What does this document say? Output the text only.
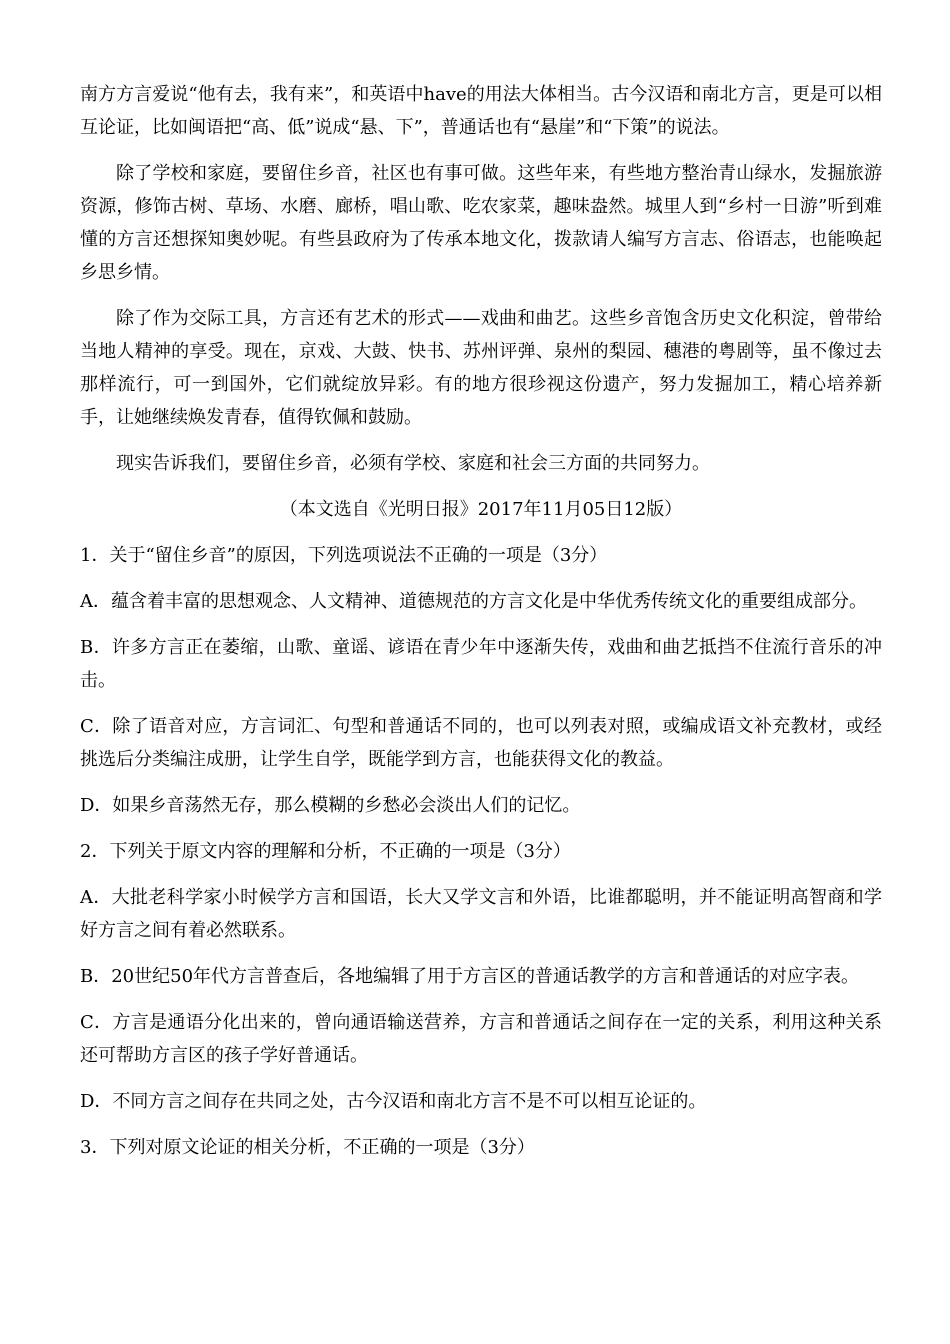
南方方言爱说“他有去，我有来”，和英语中have的用法大体相当。古今汉语和南北方言，更是可以相互论证，比如闽语把“高、低”说成“悬、下”，普通话也有“悬崖”和“下策”的说法。

除了学校和家庭，要留住乡音，社区也有事可做。这些年来，有些地方整治青山绿水，发掘旅游资源，修饰古树、草场、水磨、廊桥，唱山歌、吃农家菜，趣味盎然。城里人到“乡村一日游”听到难懂的方言还想探知奥妙呢。有些县政府为了传承本地文化，拨款请人编写方言志、俗语志，也能唤起乡思乡情。

除了作为交际工具，方言还有艺术的形式——戏曲和曲艺。这些乡音饱含历史文化积淀，曾带给当地人精神的享受。现在，京戏、大鼓、快书、苏州评弹、泉州的梨园、穗港的粤剧等，虽不像过去那样流行，可一到国外，它们就绽放异彩。有的地方很珍视这份遗产，努力发掘加工，精心培养新手，让她继续焕发青春，值得钦佩和鼓励。

现实告诉我们，要留住乡音，必须有学校、家庭和社会三方面的共同努力。

（本文选自《光明日报》2017年11月05日12版）

1．关于“留住乡音”的原因，下列选项说法不正确的一项是（3分）

A．蕴含着丰富的思想观念、人文精神、道德规范的方言文化是中华优秀传统文化的重要组成部分。

B．许多方言正在萎缩，山歌、童谣、谚语在青少年中逐渐失传，戏曲和曲艺抵挡不住流行音乐的冲击。

C．除了语音对应，方言词汇、句型和普通话不同的，也可以列表对照，或编成语文补充教材，或经挑选后分类编注成册，让学生自学，既能学到方言，也能获得文化的教益。

D．如果乡音荡然无存，那么模糊的乡愁必会淡出人们的记忆。

2．下列关于原文内容的理解和分析，不正确的一项是（3分）

A．大批老科学家小时候学方言和国语，长大又学文言和外语，比谁都聪明，并不能证明高智商和学好方言之间有着必然联系。

B．20世纪50年代方言普查后，各地编辑了用于方言区的普通话教学的方言和普通话的对应字表。

C．方言是通语分化出来的，曾向通语输送营养，方言和普通话之间存在一定的关系，利用这种关系还可帮助方言区的孩子学好普通话。

D．不同方言之间存在共同之处，古今汉语和南北方言不是不可以相互论证的。

3．下列对原文论证的相关分析，不正确的一项是（3分）
